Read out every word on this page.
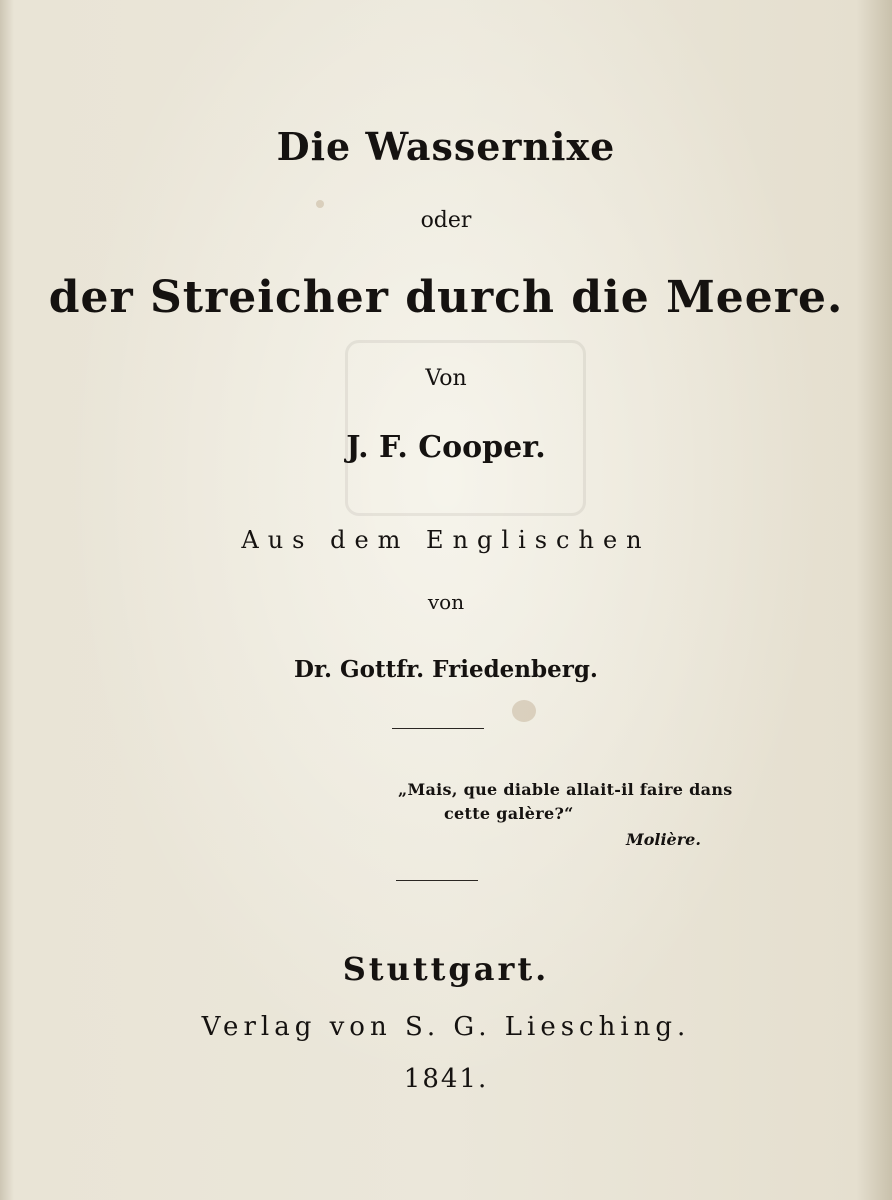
Die Wassernixe
oder
der Streicher durch die Meere.
Von
J. F. Cooper.
Aus dem Englischen
von
Dr. Gottfr. Friedenberg.
„Mais, que diable allait-il faire dans
cette galère?“
Molière.
Stuttgart.
Verlag von S. G. Liesching.
1841.
